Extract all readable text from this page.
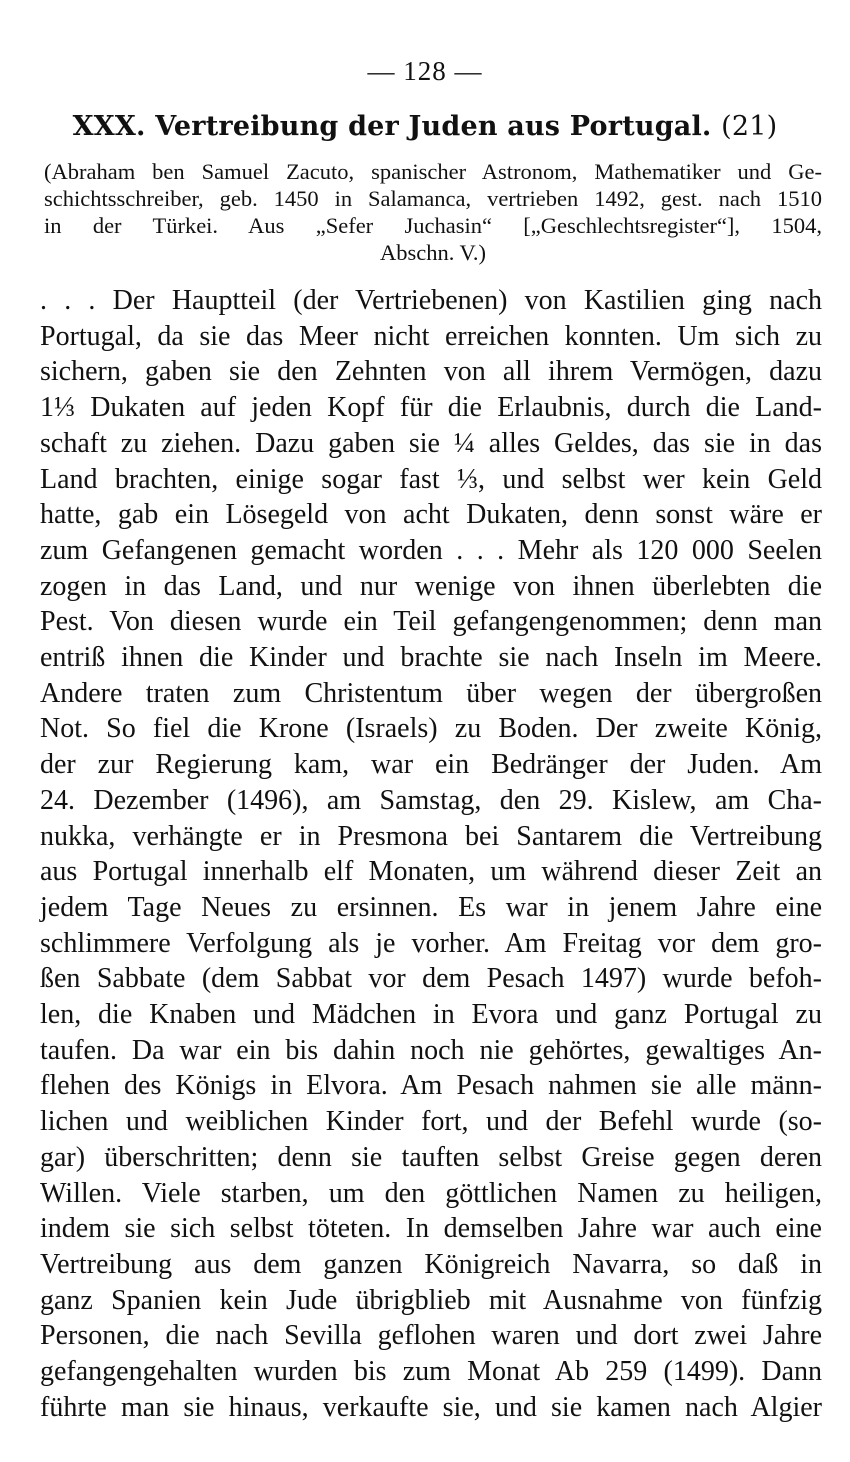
— 128 —
XXX. Vertreibung der Juden aus Portugal. (21)
(Abraham ben Samuel Zacuto, spanischer Astronom, Mathematiker und Ge-
schichtsschreiber, geb. 1450 in Salamanca, vertrieben 1492, gest. nach 1510
in der Türkei. Aus „Sefer Juchasin“ [„Geschlechtsregister“], 1504,
Abschn. V.)
. . . Der Hauptteil (der Vertriebenen) von Kastilien ging nach
Portugal, da sie das Meer nicht erreichen konnten. Um sich zu
sichern, gaben sie den Zehnten von all ihrem Vermögen, dazu
1⅓ Dukaten auf jeden Kopf für die Erlaubnis, durch die Land-
schaft zu ziehen. Dazu gaben sie ¼ alles Geldes, das sie in das
Land brachten, einige sogar fast ⅓, und selbst wer kein Geld
hatte, gab ein Lösegeld von acht Dukaten, denn sonst wäre er
zum Gefangenen gemacht worden . . . Mehr als 120 000 Seelen
zogen in das Land, und nur wenige von ihnen überlebten die
Pest. Von diesen wurde ein Teil gefangengenommen; denn man
entriß ihnen die Kinder und brachte sie nach Inseln im Meere.
Andere traten zum Christentum über wegen der übergroßen
Not. So fiel die Krone (Israels) zu Boden. Der zweite König,
der zur Regierung kam, war ein Bedränger der Juden. Am
24. Dezember (1496), am Samstag, den 29. Kislew, am Cha-
nukka, verhängte er in Presmona bei Santarem die Vertreibung
aus Portugal innerhalb elf Monaten, um während dieser Zeit an
jedem Tage Neues zu ersinnen. Es war in jenem Jahre eine
schlimmere Verfolgung als je vorher. Am Freitag vor dem gro-
ßen Sabbate (dem Sabbat vor dem Pesach 1497) wurde befoh-
len, die Knaben und Mädchen in Evora und ganz Portugal zu
taufen. Da war ein bis dahin noch nie gehörtes, gewaltiges An-
flehen des Königs in Elvora. Am Pesach nahmen sie alle männ-
lichen und weiblichen Kinder fort, und der Befehl wurde (so-
gar) überschritten; denn sie tauften selbst Greise gegen deren
Willen. Viele starben, um den göttlichen Namen zu heiligen,
indem sie sich selbst töteten. In demselben Jahre war auch eine
Vertreibung aus dem ganzen Königreich Navarra, so daß in
ganz Spanien kein Jude übrigblieb mit Ausnahme von fünfzig
Personen, die nach Sevilla geflohen waren und dort zwei Jahre
gefangengehalten wurden bis zum Monat Ab 259 (1499). Dann
führte man sie hinaus, verkaufte sie, und sie kamen nach Algier
